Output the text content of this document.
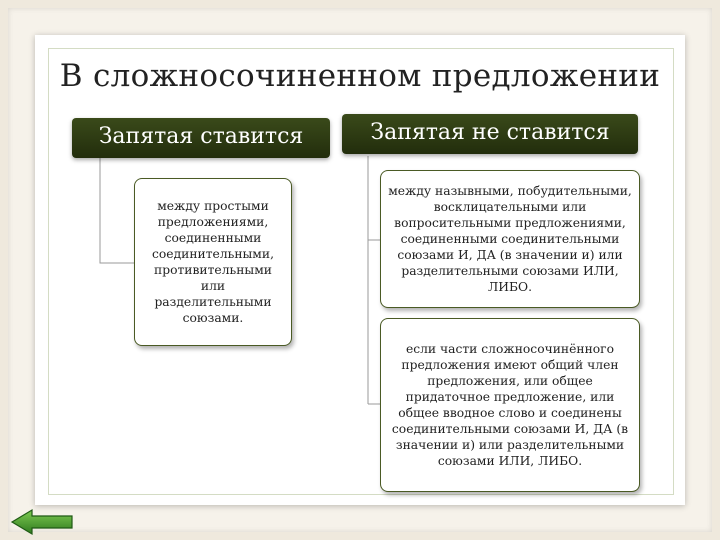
В сложносочиненном предложении
Запятая ставится	Запятая не ставится
между простыми предложениями, соединенными соединительными, противительными или разделительными союзами.
между назывными, побудительными, восклицательными или вопросительными предложениями, соединенными соединительными союзами И, ДА (в значении и) или разделительными союзами ИЛИ, ЛИБО.
если части сложносочинённого предложения имеют общий член предложения, или общее придаточное предложение, или общее вводное слово и соединены соединительными союзами И, ДА (в значении и) или разделительными союзами ИЛИ, ЛИБО.
